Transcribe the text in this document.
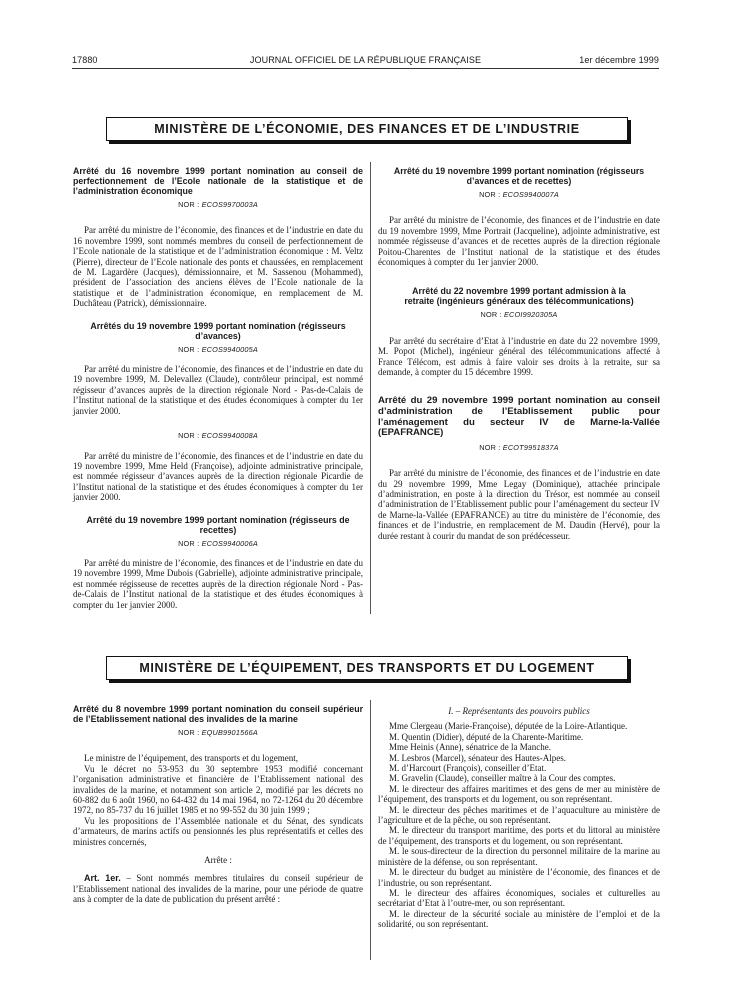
17880	JOURNAL OFFICIEL DE LA RÉPUBLIQUE FRANÇAISE	1er décembre 1999
MINISTÈRE DE L’ÉCONOMIE, DES FINANCES ET DE L’INDUSTRIE
Arrêté du 16 novembre 1999 portant nomination au conseil de perfectionnement de l’Ecole nationale de la statistique et de l’administration économique
NOR : ECOS9970003A
Par arrêté du ministre de l’économie, des finances et de l’industrie en date du 16 novembre 1999, sont nommés membres du conseil de perfectionnement de l’Ecole nationale de la statistique et de l’administration économique : M. Veltz (Pierre), directeur de l’Ecole nationale des ponts et chaussées, en remplacement de M. Lagardère (Jacques), démissionnaire, et M. Sassenou (Mohammed), président de l’association des anciens élèves de l’Ecole nationale de la statistique et de l’administration économique, en remplacement de M. Duchâteau (Patrick), démissionnaire.
Arrêtés du 19 novembre 1999 portant nomination (régisseurs d’avances)
NOR : ECOS9940005A
Par arrêté du ministre de l’économie, des finances et de l’industrie en date du 19 novembre 1999, M. Delevallez (Claude), contrôleur principal, est nommé régisseur d’avances auprès de la direction régionale Nord - Pas-de-Calais de l’Institut national de la statistique et des études économiques à compter du 1er janvier 2000.
NOR : ECOS9940008A
Par arrêté du ministre de l’économie, des finances et de l’industrie en date du 19 novembre 1999, Mme Held (Françoise), adjointe administrative principale, est nommée régisseur d’avances auprès de la direction régionale Picardie de l’Institut national de la statistique et des études économiques à compter du 1er janvier 2000.
Arrêté du 19 novembre 1999 portant nomination (régisseurs de recettes)
NOR : ECOS9940006A
Par arrêté du ministre de l’économie, des finances et de l’industrie en date du 19 novembre 1999, Mme Dubois (Gabrielle), adjointe administrative principale, est nommée régisseuse de recettes auprès de la direction régionale Nord - Pas-de-Calais de l’Institut national de la statistique et des études économiques à compter du 1er janvier 2000.
Arrêté du 19 novembre 1999 portant nomination (régisseurs d’avances et de recettes)
NOR : ECOS9940007A
Par arrêté du ministre de l’économie, des finances et de l’industrie en date du 19 novembre 1999, Mme Portrait (Jacqueline), adjointe administrative, est nommée régisseuse d’avances et de recettes auprès de la direction régionale Poitou-Charentes de l’Institut national de la statistique et des études économiques à compter du 1er janvier 2000.
Arrêté du 22 novembre 1999 portant admission à la retraite (ingénieurs généraux des télécommunications)
NOR : ECOI9920305A
Par arrêté du secrétaire d’Etat à l’industrie en date du 22 novembre 1999, M. Popot (Michel), ingénieur général des télécommunications affecté à France Télécom, est admis à faire valoir ses droits à la retraite, sur sa demande, à compter du 15 décembre 1999.
Arrêté du 29 novembre 1999 portant nomination au conseil d’administration de l’Etablissement public pour l’aménagement du secteur IV de Marne-la-Vallée (EPAFRANCE)
NOR : ECOT9951837A
Par arrêté du ministre de l’économie, des finances et de l’industrie en date du 29 novembre 1999, Mme Legay (Dominique), attachée principale d’administration, en poste à la direction du Trésor, est nommée au conseil d’administration de l’Etablissement public pour l’aménagement du secteur IV de Marne-la-Vallée (EPAFRANCE) au titre du ministère de l’économie, des finances et de l’industrie, en remplacement de M. Daudin (Hervé), pour la durée restant à courir du mandat de son prédécesseur.
MINISTÈRE DE L’ÉQUIPEMENT, DES TRANSPORTS ET DU LOGEMENT
Arrêté du 8 novembre 1999 portant nomination du conseil supérieur de l’Etablissement national des invalides de la marine
NOR : EQUB9901566A
Le ministre de l’équipement, des transports et du logement,
Vu le décret no 53-953 du 30 septembre 1953 modifié concernant l’organisation administrative et financière de l’Etablissement national des invalides de la marine, et notamment son article 2, modifié par les décrets no 60-882 du 6 août 1960, no 64-432 du 14 mai 1964, no 72-1264 du 20 décembre 1972, no 85-737 du 16 juillet 1985 et no 99-552 du 30 juin 1999 ;
Vu les propositions de l’Assemblée nationale et du Sénat, des syndicats d’armateurs, de marins actifs ou pensionnés les plus représentatifs et celles des ministres concernés,
Arrête :
Art. 1er. – Sont nommés membres titulaires du conseil supérieur de l’Etablissement national des invalides de la marine, pour une période de quatre ans à compter de la date de publication du présent arrêté :
I. – Représentants des pouvoirs publics
Mme Clergeau (Marie-Françoise), députée de la Loire-Atlantique.
M. Quentin (Didier), député de la Charente-Maritime.
Mme Heinis (Anne), sénatrice de la Manche.
M. Lesbros (Marcel), sénateur des Hautes-Alpes.
M. d’Harcourt (François), conseiller d’Etat.
M. Gravelin (Claude), conseiller maître à la Cour des comptes.
M. le directeur des affaires maritimes et des gens de mer au ministère de l’équipement, des transports et du logement, ou son représentant.
M. le directeur des pêches maritimes et de l’aquaculture au ministère de l’agriculture et de la pêche, ou son représentant.
M. le directeur du transport maritime, des ports et du littoral au ministère de l’équipement, des transports et du logement, ou son représentant.
M. le sous-directeur de la direction du personnel militaire de la marine au ministère de la défense, ou son représentant.
M. le directeur du budget au ministère de l’économie, des finances et de l’industrie, ou son représentant.
M. le directeur des affaires économiques, sociales et culturelles au secrétariat d’Etat à l’outre-mer, ou son représentant.
M. le directeur de la sécurité sociale au ministère de l’emploi et de la solidarité, ou son représentant.
